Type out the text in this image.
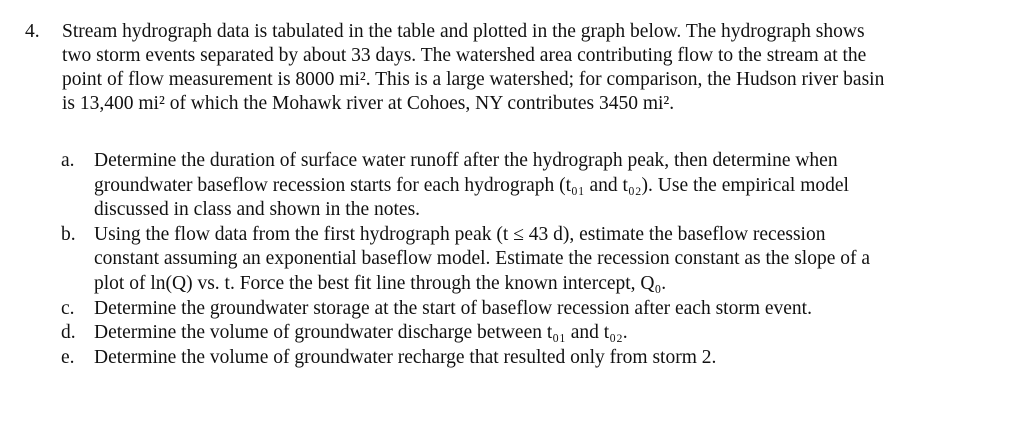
4. Stream hydrograph data is tabulated in the table and plotted in the graph below. The hydrograph shows
two storm events separated by about 33 days. The watershed area contributing flow to the stream at the
point of flow measurement is 8000 mi². This is a large watershed; for comparison, the Hudson river basin
is 13,400 mi² of which the Mohawk river at Cohoes, NY contributes 3450 mi².
a. Determine the duration of surface water runoff after the hydrograph peak, then determine when
groundwater baseflow recession starts for each hydrograph (t₀₁ and t₀₂). Use the empirical model
discussed in class and shown in the notes.
b. Using the flow data from the first hydrograph peak (t ≤ 43 d), estimate the baseflow recession
constant assuming an exponential baseflow model. Estimate the recession constant as the slope of a
plot of ln(Q) vs. t. Force the best fit line through the known intercept, Q₀.
c. Determine the groundwater storage at the start of baseflow recession after each storm event.
d. Determine the volume of groundwater discharge between t₀₁ and t₀₂.
e. Determine the volume of groundwater recharge that resulted only from storm 2.
